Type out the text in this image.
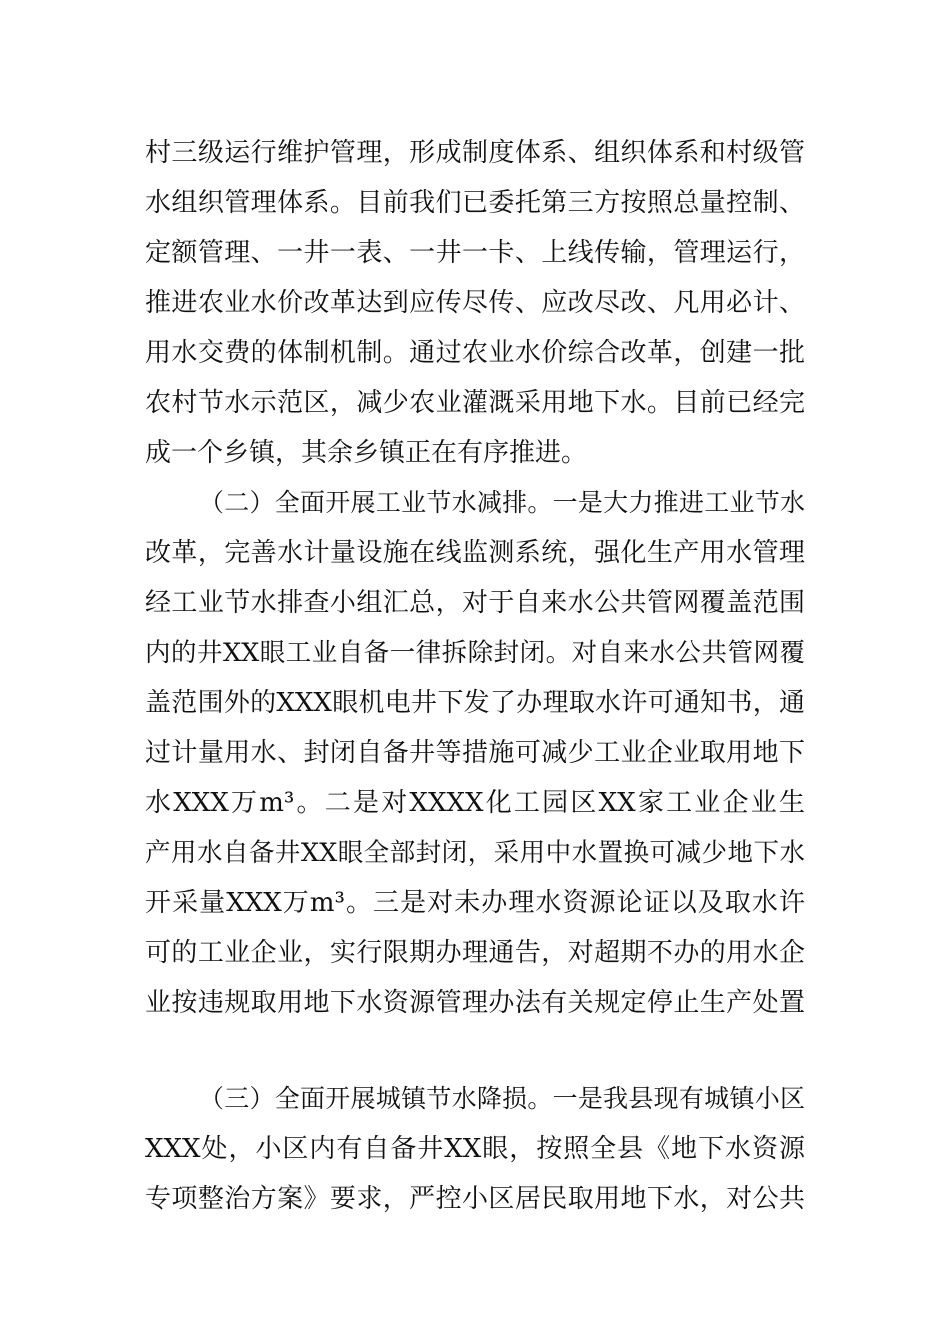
村三级运行维护管理，形成制度体系、组织体系和村级管
水组织管理体系。目前我们已委托第三方按照总量控制、
定额管理、一井一表、一井一卡、上线传输，管理运行，
推进农业水价改革达到应传尽传、应改尽改、凡用必计、
用水交费的体制机制。通过农业水价综合改革，创建一批
农村节水示范区，减少农业灌溉采用地下水。目前已经完
成一个乡镇，其余乡镇正在有序推进。
（二）全面开展工业节水减排。一是大力推进工业节水
改革，完善水计量设施在线监测系统，强化生产用水管理
经工业节水排查小组汇总，对于自来水公共管网覆盖范围
内的井XX眼工业自备一律拆除封闭。对自来水公共管网覆
盖范围外的XXX眼机电井下发了办理取水许可通知书，通
过计量用水、封闭自备井等措施可减少工业企业取用地下
水XXX万m³。二是对XXXX化工园区XX家工业企业生
产用水自备井XX眼全部封闭，采用中水置换可减少地下水
开采量XXX万m³。三是对未办理水资源论证以及取水许
可的工业企业，实行限期办理通告，对超期不办的用水企
业按违规取用地下水资源管理办法有关规定停止生产处置
（三）全面开展城镇节水降损。一是我县现有城镇小区
XXX处，小区内有自备井XX眼，按照全县《地下水资源
专项整治方案》要求，严控小区居民取用地下水，对公共
